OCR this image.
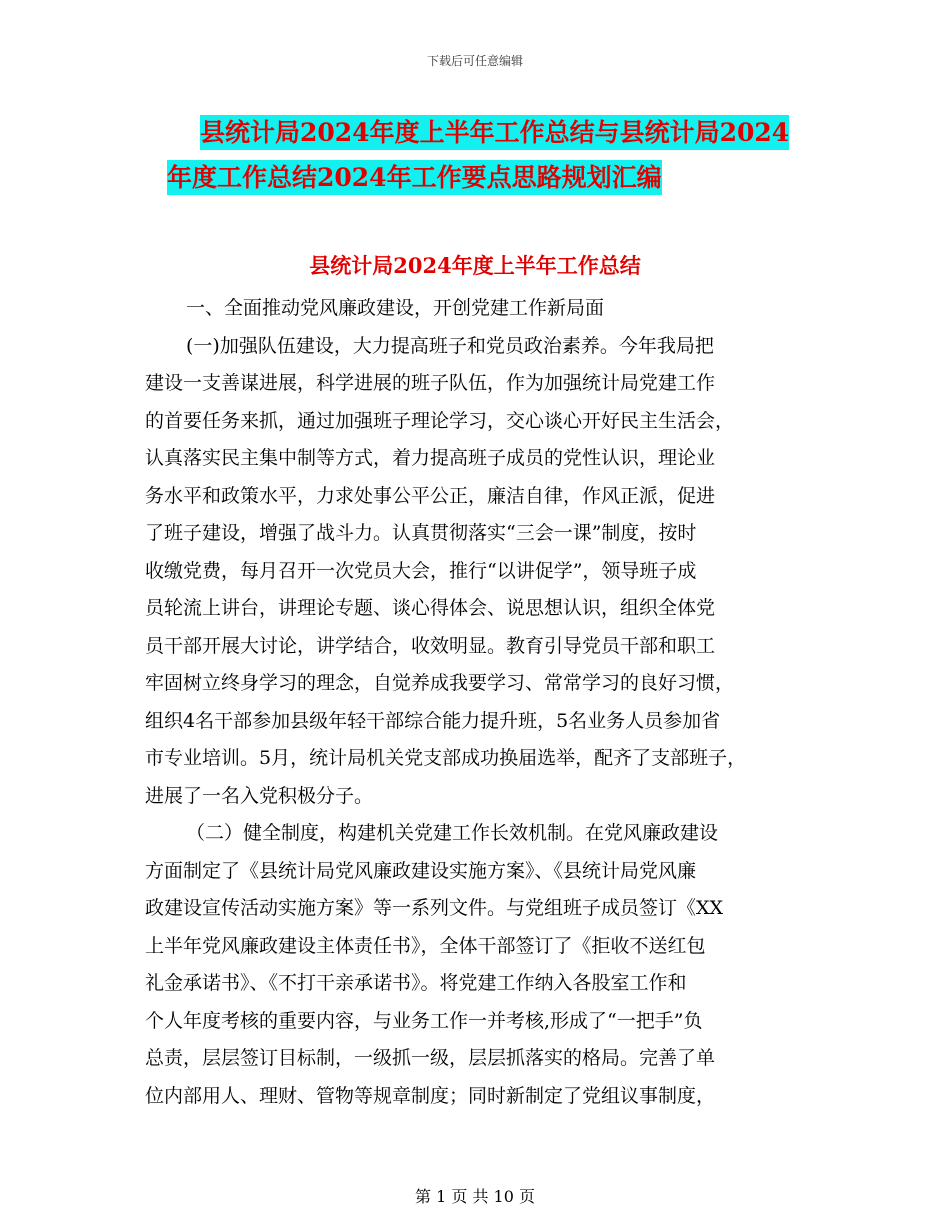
下载后可任意编辑
县统计局2024年度上半年工作总结与县统计局2024
年度工作总结2024年工作要点思路规划汇编
县统计局2024年度上半年工作总结
一、全面推动党风廉政建设，开创党建工作新局面
(一)加强队伍建设，大力提高班子和党员政治素养。今年我局把
建设一支善谋进展，科学进展的班子队伍，作为加强统计局党建工作
的首要任务来抓，通过加强班子理论学习，交心谈心开好民主生活会，
认真落实民主集中制等方式，着力提高班子成员的党性认识，理论业
务水平和政策水平，力求处事公平公正，廉洁自律，作风正派，促进
了班子建设，增强了战斗力。认真贯彻落实“三会一课”制度，按时
收缴党费，每月召开一次党员大会，推行“以讲促学”，领导班子成
员轮流上讲台，讲理论专题、谈心得体会、说思想认识，组织全体党
员干部开展大讨论，讲学结合，收效明显。教育引导党员干部和职工
牢固树立终身学习的理念，自觉养成我要学习、常常学习的良好习惯，
组织4名干部参加县级年轻干部综合能力提升班，5名业务人员参加省
市专业培训。5月，统计局机关党支部成功换届选举，配齐了支部班子，
进展了一名入党积极分子。
（二）健全制度，构建机关党建工作长效机制。在党风廉政建设
方面制定了《县统计局党风廉政建设实施方案》、《县统计局党风廉
政建设宣传活动实施方案》等一系列文件。与党组班子成员签订《XX
上半年党风廉政建设主体责任书》，全体干部签订了《拒收不送红包
礼金承诺书》、《不打干亲承诺书》。将党建工作纳入各股室工作和
个人年度考核的重要内容，与业务工作一并考核,形成了“一把手”负
总责，层层签订目标制，一级抓一级，层层抓落实的格局。完善了单
位内部用人、理财、管物等规章制度；同时新制定了党组议事制度，
第 1 页 共 10 页
